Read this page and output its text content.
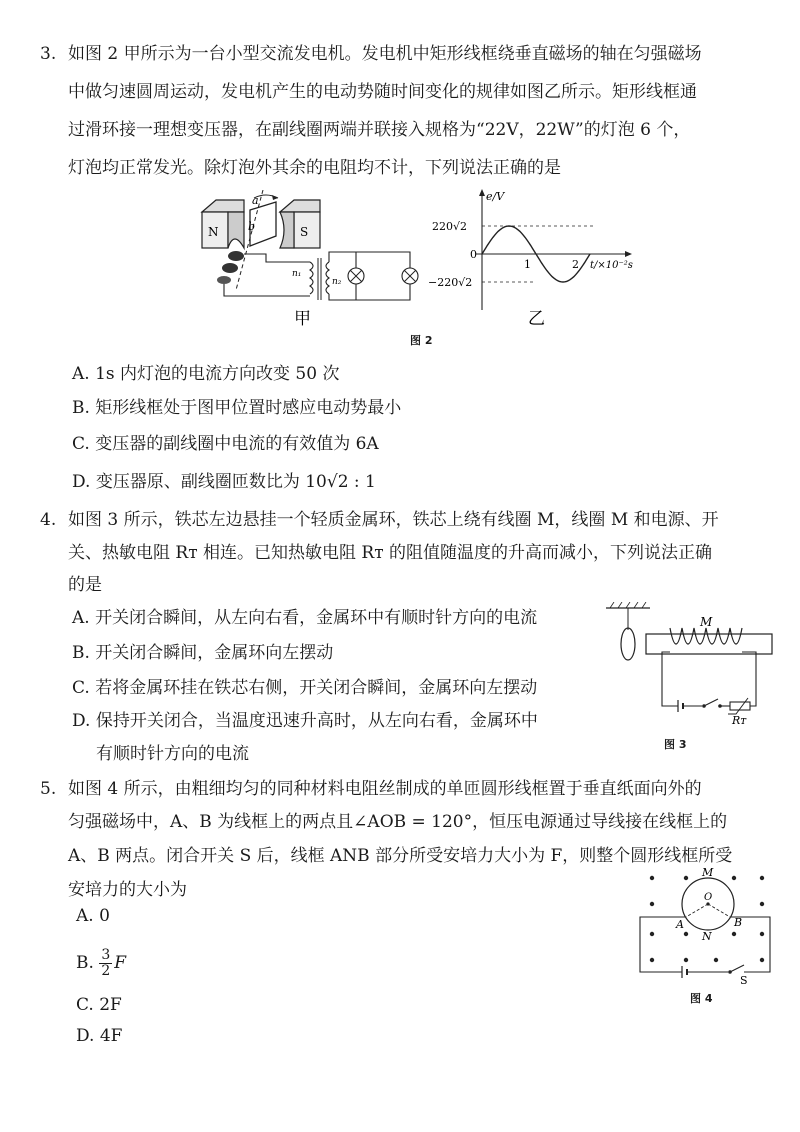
3. 如图 2 甲所示为一台小型交流发电机。发电机中矩形线框绕垂直磁场的轴在匀强磁场
中做匀速圆周运动，发电机产生的电动势随时间变化的规律如图乙所示。矩形线框通
过滑环接一理想变压器，在副线圈两端并联接入规格为“22V，22W”的灯泡 6 个，
灯泡均正常发光。除灯泡外其余的电阻均不计，下列说法正确的是
N	S
a
b
n₁
n₂
甲
e/V
220√2
−220√2
0
1	2 t/×10⁻²s
乙
图 2
A. 1s 内灯泡的电流方向改变 50 次
B. 矩形线框处于图甲位置时感应电动势最小
C. 变压器的副线圈中电流的有效值为 6A
D. 变压器原、副线圈匝数比为 10√2 : 1
4. 如图 3 所示，铁芯左边悬挂一个轻质金属环，铁芯上绕有线圈 M，线圈 M 和电源、开
关、热敏电阻 Rᴛ 相连。已知热敏电阻 Rᴛ 的阻值随温度的升高而减小，下列说法正确
的是
A. 开关闭合瞬间，从左向右看，金属环中有顺时针方向的电流
B. 开关闭合瞬间，金属环向左摆动
C. 若将金属环挂在铁芯右侧，开关闭合瞬间，金属环向左摆动
D. 保持开关闭合，当温度迅速升高时，从左向右看，金属环中
有顺时针方向的电流
M
Rᴛ
图 3
5. 如图 4 所示，由粗细均匀的同种材料电阻丝制成的单匝圆形线框置于垂直纸面向外的
匀强磁场中，A、B 为线框上的两点且∠AOB = 120°，恒压电源通过导线接在线框上的
A、B 两点。闭合开关 S 后，线框 ANB 部分所受安培力大小为 F，则整个圆形线框所受
安培力的大小为
A. 0
B. $\frac{3}{2}$ F
C. 2F
D. 4F
M
O
A	B
N
S
图 4
